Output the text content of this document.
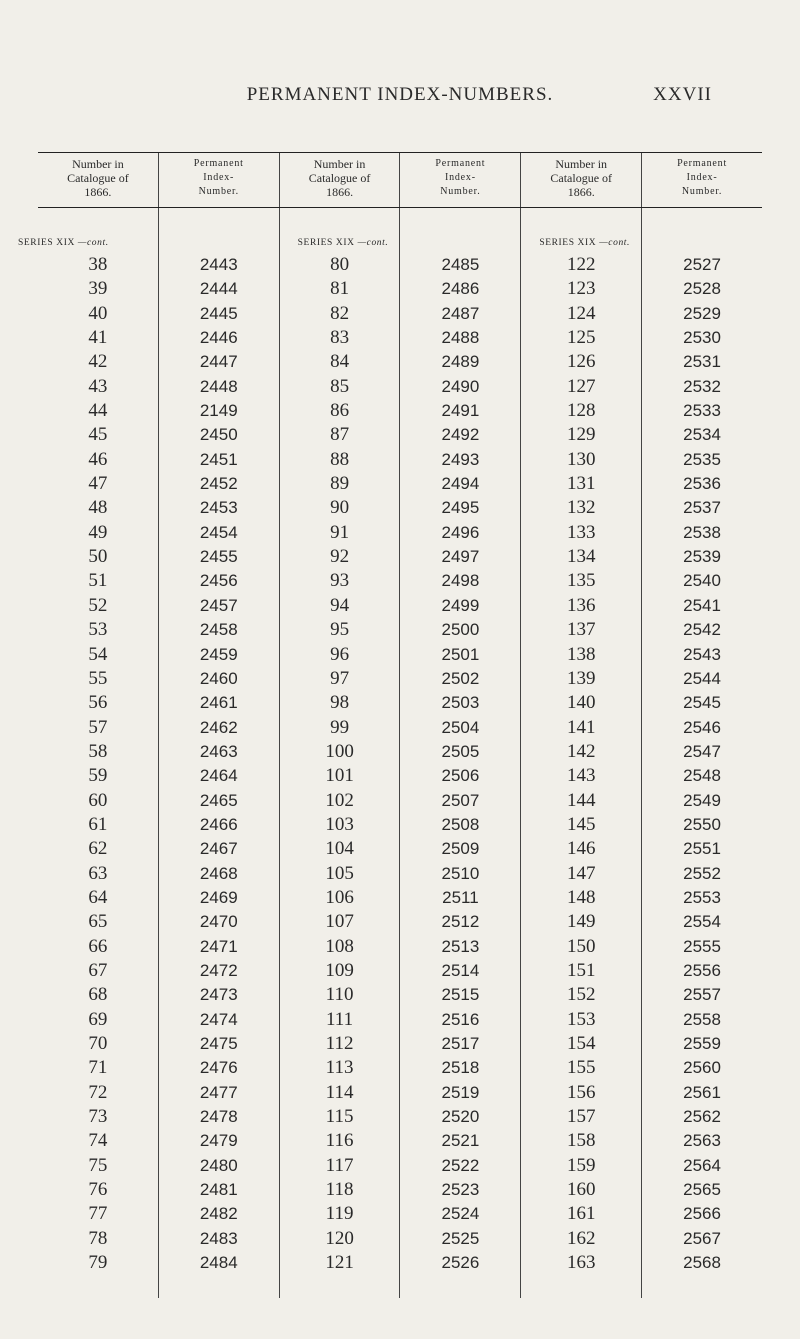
PERMANENT INDEX-NUMBERS.	XXVII
Number in
Catalogue of
1866.
Permanent
Index-
Number.
Number in
Catalogue of
1866.
Permanent
Index-
Number.
Number in
Catalogue of
1866.
Permanent
Index-
Number.
SERIES XIX —cont.
38
39
40
41
42
43
44
45
46
47
48
49
50
51
52
53
54
55
56
57
58
59
60
61
62
63
64
65
66
67
68
69
70
71
72
73
74
75
76
77
78
79
2443
2444
2445
2446
2447
2448
2149
2450
2451
2452
2453
2454
2455
2456
2457
2458
2459
2460
2461
2462
2463
2464
2465
2466
2467
2468
2469
2470
2471
2472
2473
2474
2475
2476
2477
2478
2479
2480
2481
2482
2483
2484
SERIES XIX —cont.
80
81
82
83
84
85
86
87
88
89
90
91
92
93
94
95
96
97
98
99
100
101
102
103
104
105
106
107
108
109
110
111
112
113
114
115
116
117
118
119
120
121
2485
2486
2487
2488
2489
2490
2491
2492
2493
2494
2495
2496
2497
2498
2499
2500
2501
2502
2503
2504
2505
2506
2507
2508
2509
2510
2511
2512
2513
2514
2515
2516
2517
2518
2519
2520
2521
2522
2523
2524
2525
2526
SERIES XIX —cont.
122
123
124
125
126
127
128
129
130
131
132
133
134
135
136
137
138
139
140
141
142
143
144
145
146
147
148
149
150
151
152
153
154
155
156
157
158
159
160
161
162
163
2527
2528
2529
2530
2531
2532
2533
2534
2535
2536
2537
2538
2539
2540
2541
2542
2543
2544
2545
2546
2547
2548
2549
2550
2551
2552
2553
2554
2555
2556
2557
2558
2559
2560
2561
2562
2563
2564
2565
2566
2567
2568
